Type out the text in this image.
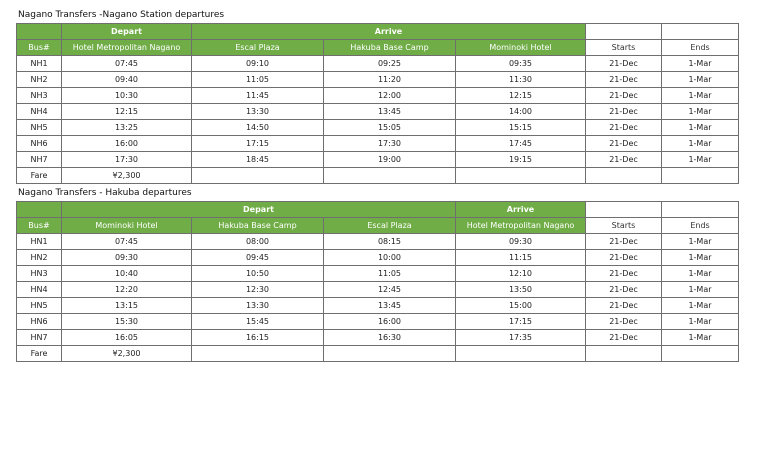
Nagano Transfers -Nagano Station departures
	Depart	Arrive				
Bus#	Hotel Metropolitan Nagano	Escal Plaza	Hakuba Base Camp	Mominoki Hotel	Starts	Ends
NH1	07:45	09:10	09:25	09:35	21-Dec	1-Mar
NH2	09:40	11:05	11:20	11:30	21-Dec	1-Mar
NH3	10:30	11:45	12:00	12:15	21-Dec	1-Mar
NH4	12:15	13:30	13:45	14:00	21-Dec	1-Mar
NH5	13:25	14:50	15:05	15:15	21-Dec	1-Mar
NH6	16:00	17:15	17:30	17:45	21-Dec	1-Mar
NH7	17:30	18:45	19:00	19:15	21-Dec	1-Mar
Fare	¥2,300					
Nagano Transfers - Hakuba departures
	Depart			Arrive		
Bus#	Mominoki Hotel	Hakuba Base Camp	Escal Plaza	Hotel Metropolitan Nagano	Starts	Ends
HN1	07:45	08:00	08:15	09:30	21-Dec	1-Mar
HN2	09:30	09:45	10:00	11:15	21-Dec	1-Mar
HN3	10:40	10:50	11:05	12:10	21-Dec	1-Mar
HN4	12:20	12:30	12:45	13:50	21-Dec	1-Mar
HN5	13:15	13:30	13:45	15:00	21-Dec	1-Mar
HN6	15:30	15:45	16:00	17:15	21-Dec	1-Mar
HN7	16:05	16:15	16:30	17:35	21-Dec	1-Mar
Fare	¥2,300					
